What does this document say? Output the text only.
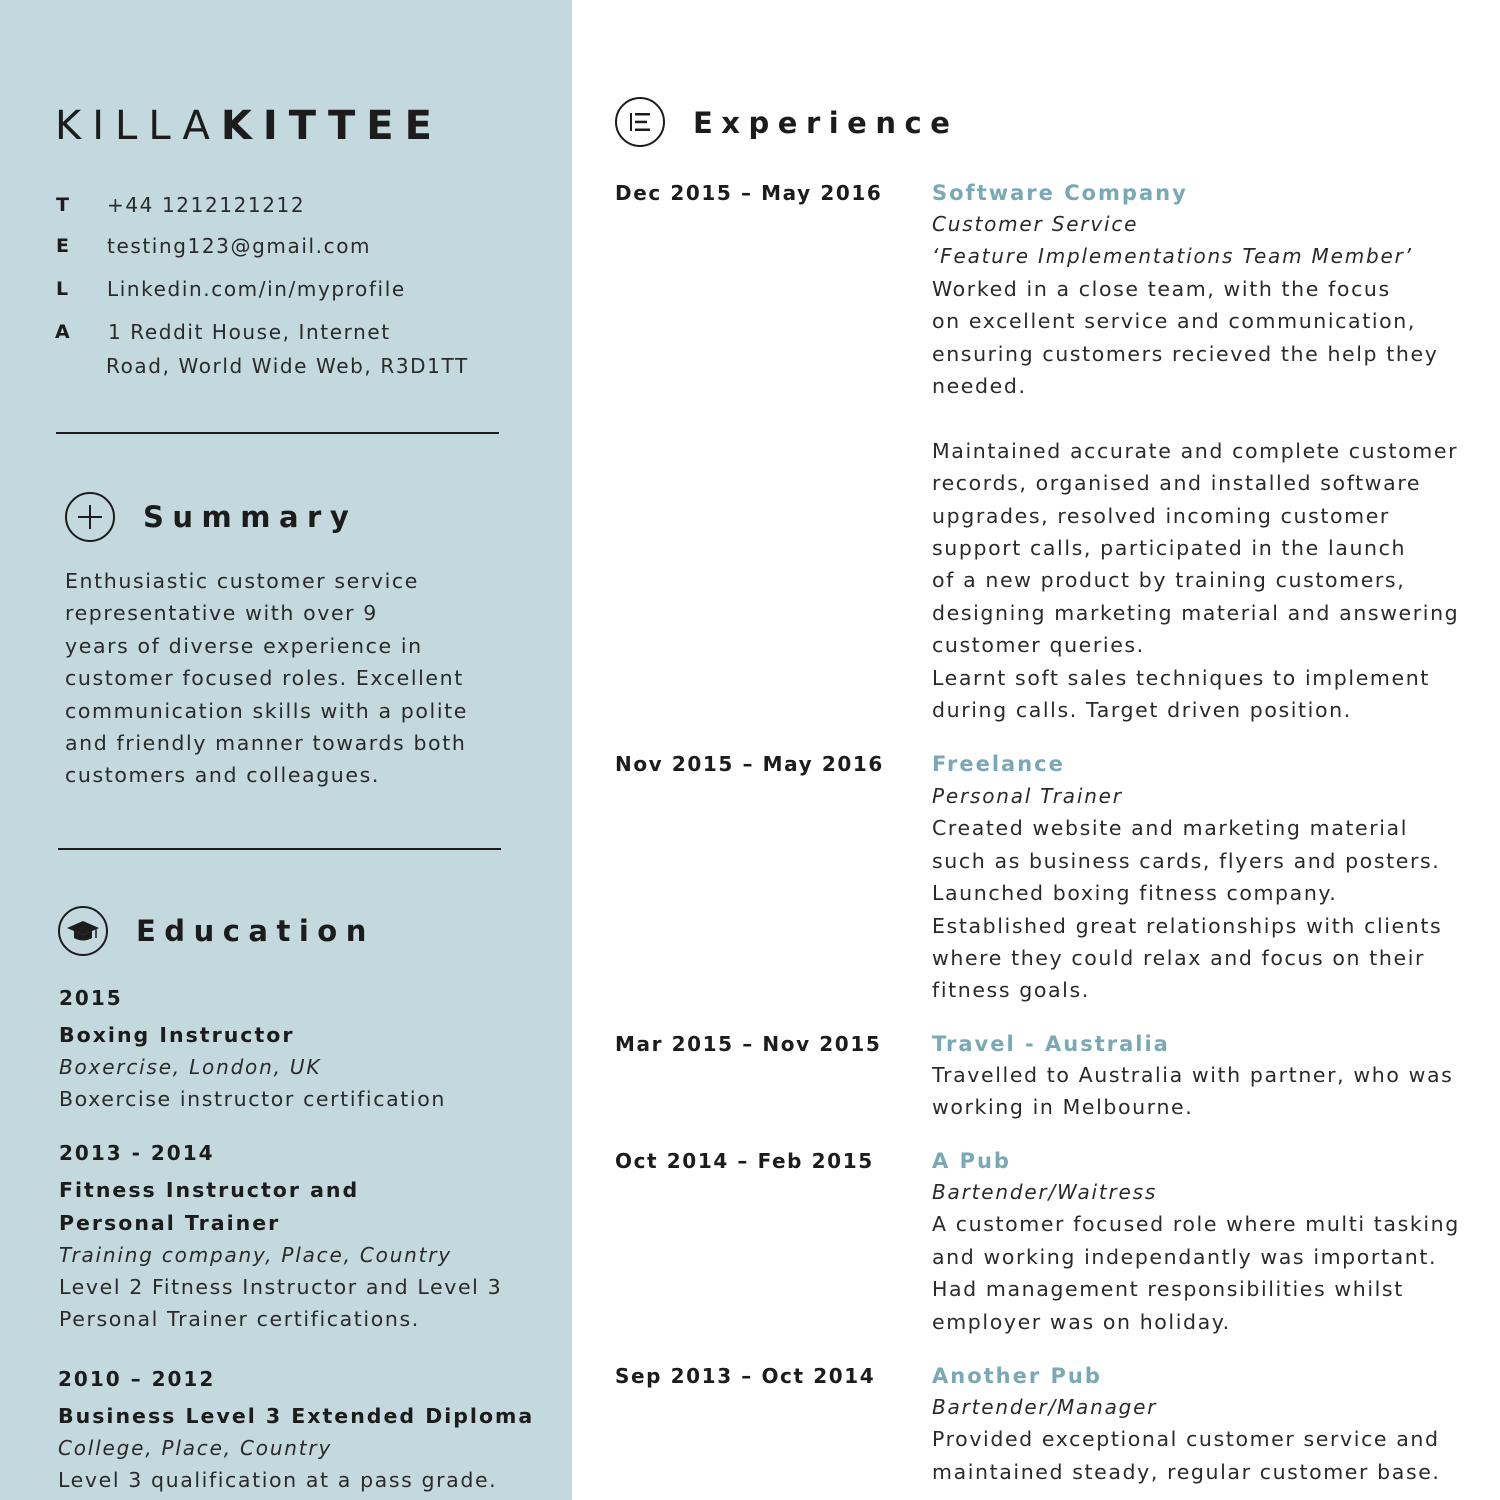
KILLAKITTEE
T +44 1212121212
E testing123@gmail.com
L Linkedin.com/in/myprofile
A 1 Reddit House, Internet
Road, World Wide Web, R3D1TT
Summary
Enthusiastic customer service
representative with over 9
years of diverse experience in
customer focused roles. Excellent
communication skills with a polite
and friendly manner towards both
customers and colleagues.
Education
2015
Boxing Instructor
Boxercise, London, UK
Boxercise instructor certification
2013 - 2014
Fitness Instructor and
Personal Trainer
Training company, Place, Country
Level 2 Fitness Instructor and Level 3
Personal Trainer certifications.
2010 – 2012
Business Level 3 Extended Diploma
College, Place, Country
Level 3 qualification at a pass grade.
Experience
Dec 2015 – May 2016 Software Company
Customer Service
‘Feature Implementations Team Member’
Worked in a close team, with the focus
on excellent service and communication,
ensuring customers recieved the help they
needed.
Maintained accurate and complete customer
records, organised and installed software
upgrades, resolved incoming customer
support calls, participated in the launch
of a new product by training customers,
designing marketing material and answering
customer queries.
Learnt soft sales techniques to implement
during calls. Target driven position.
Nov 2015 – May 2016 Freelance
Personal Trainer
Created website and marketing material
such as business cards, flyers and posters.
Launched boxing fitness company.
Established great relationships with clients
where they could relax and focus on their
fitness goals.
Mar 2015 – Nov 2015 Travel - Australia
Travelled to Australia with partner, who was
working in Melbourne.
Oct 2014 – Feb 2015	A Pub
Bartender/Waitress
A customer focused role where multi tasking
and working independantly was important.
Had management responsibilities whilst
employer was on holiday.
Sep 2013 – Oct 2014	Another Pub
Bartender/Manager
Provided exceptional customer service and
maintained steady, regular customer base.
